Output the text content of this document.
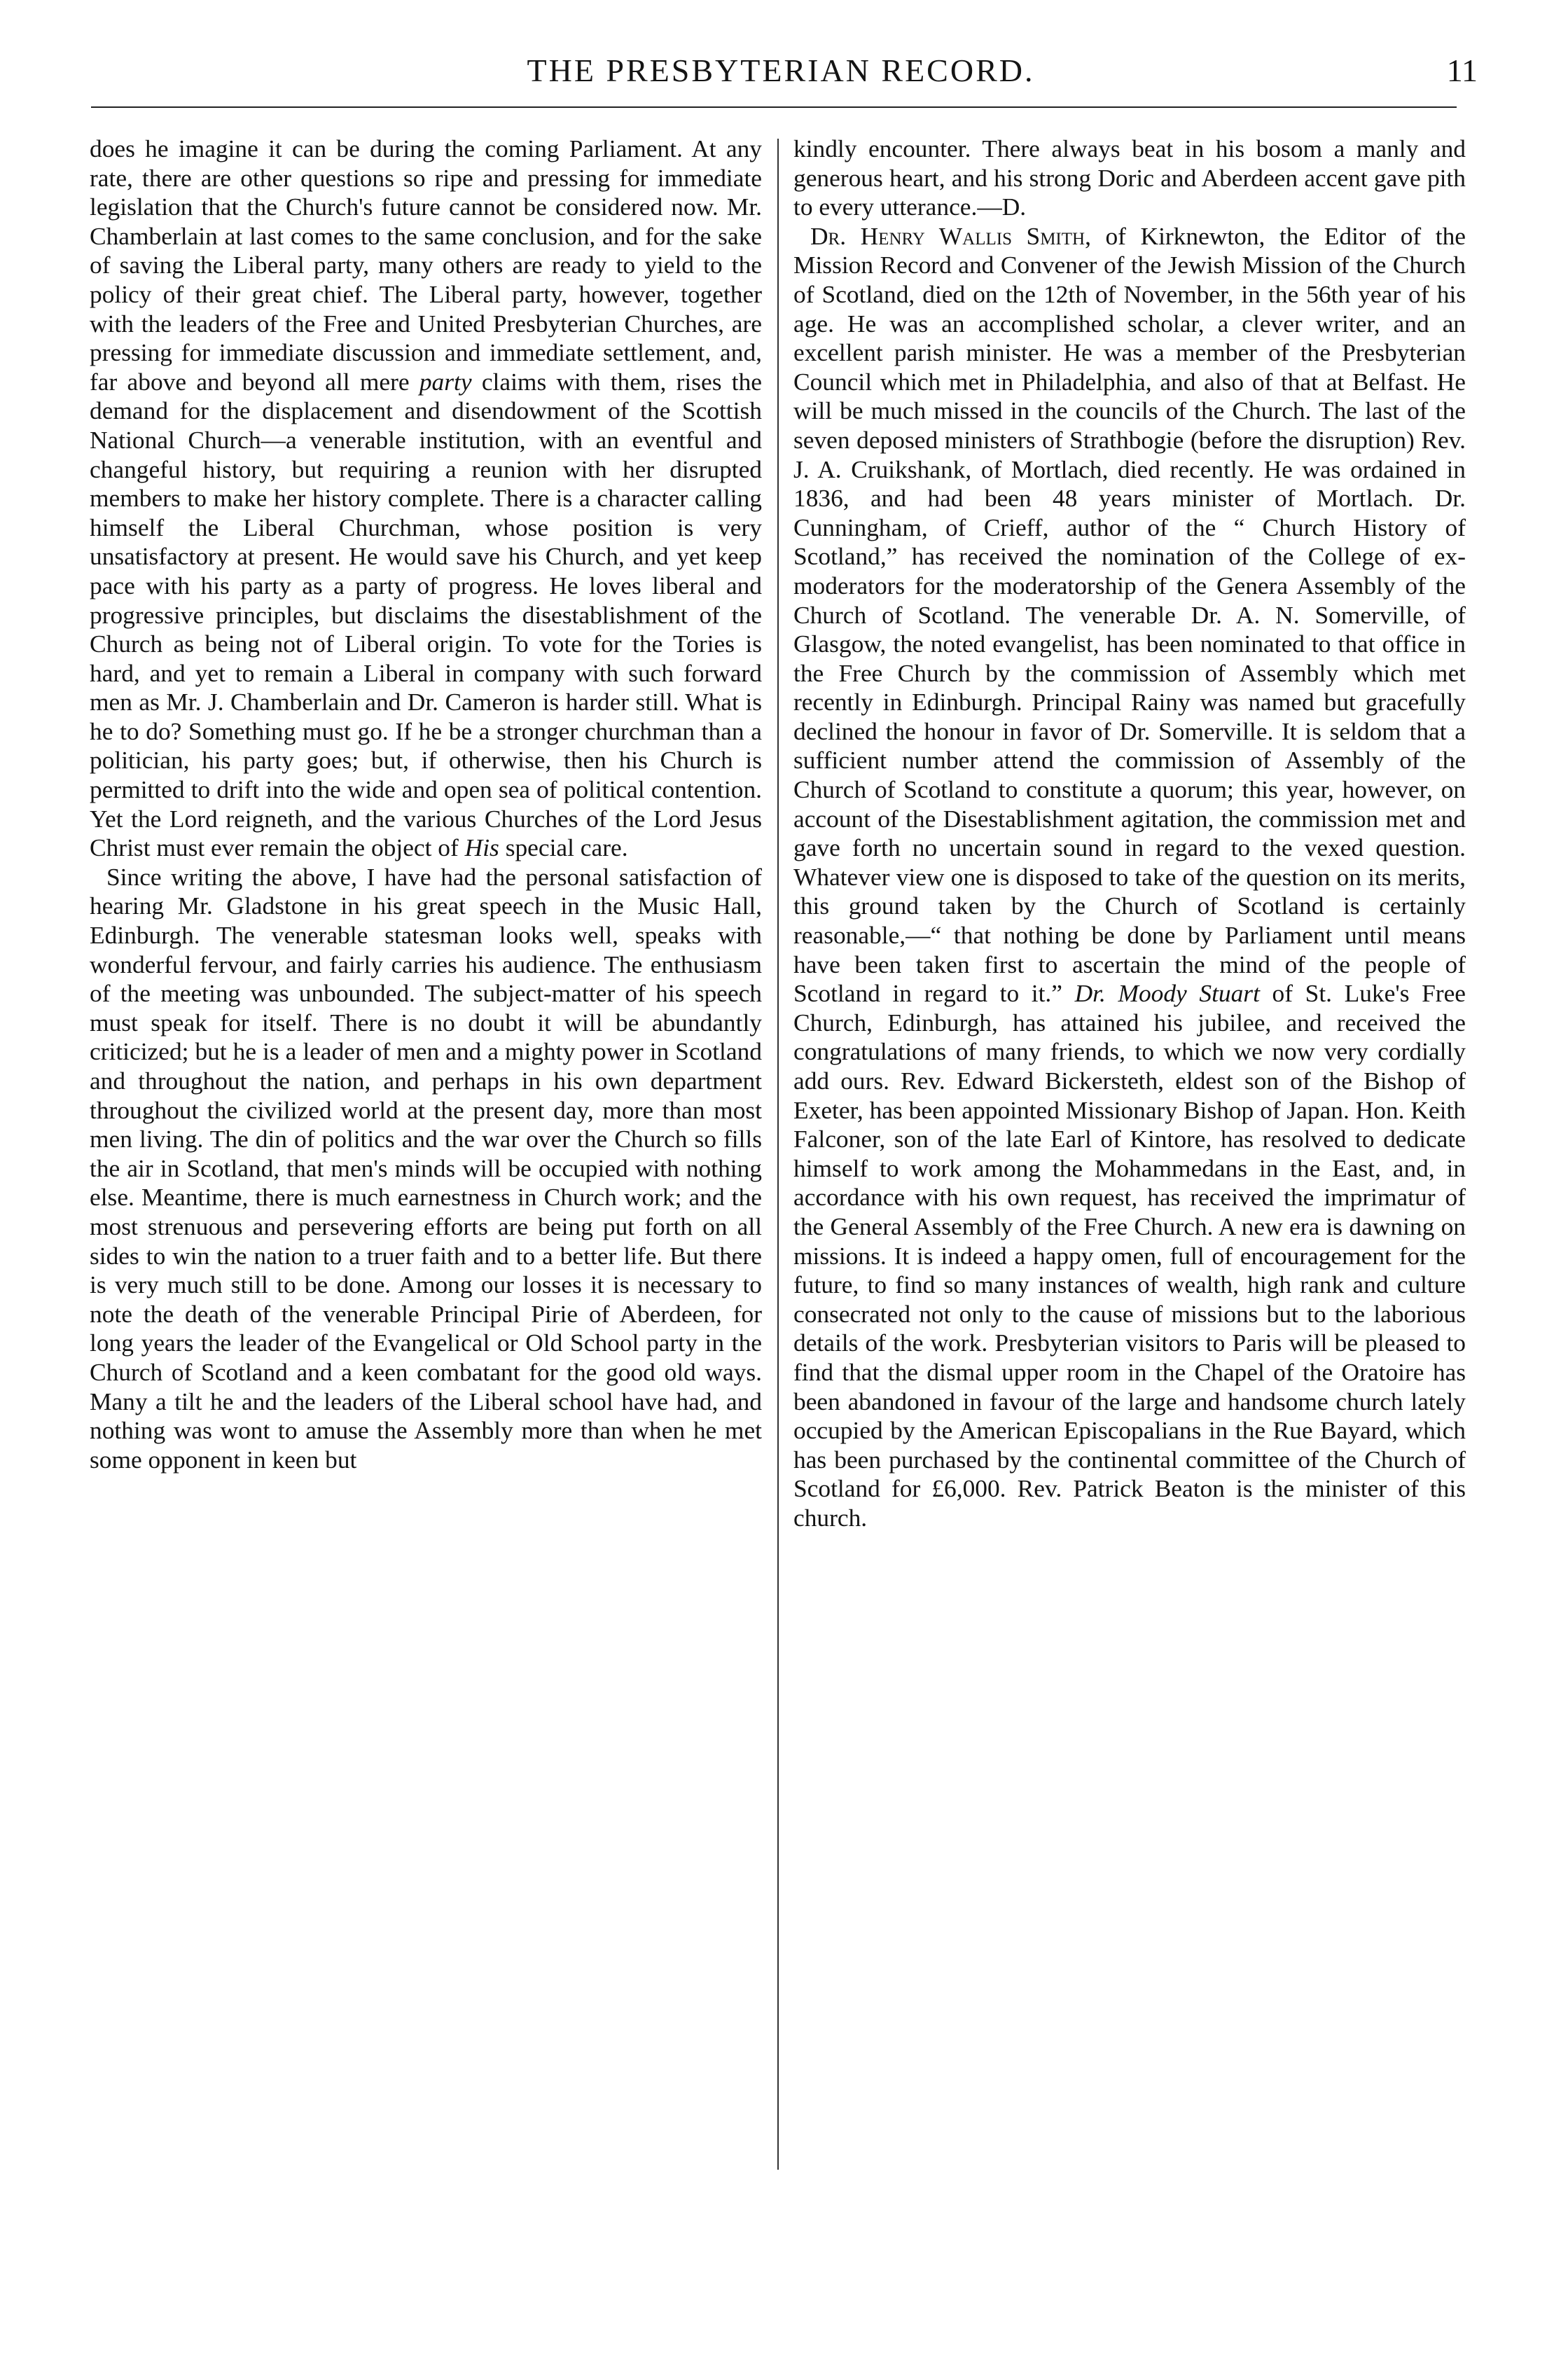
THE PRESBYTERIAN RECORD.	11

does he imagine it can be during the coming Parliament. At any rate, there are other questions so ripe and pressing for immediate legislation that the Church's future cannot be considered now. Mr. Chamberlain at last comes to the same conclusion, and for the sake of saving the Liberal party, many others are ready to yield to the policy of their great chief. The Liberal party, however, together with the leaders of the Free and United Presbyterian Churches, are pressing for immediate discussion and immediate settlement, and, far above and beyond all mere party claims with them, rises the demand for the displacement and disendowment of the Scottish National Church—a venerable institution, with an eventful and changeful history, but requiring a reunion with her disrupted members to make her history complete. There is a character calling himself the Liberal Churchman, whose position is very unsatisfactory at present. He would save his Church, and yet keep pace with his party as a party of progress. He loves liberal and progressive principles, but disclaims the disestablishment of the Church as being not of Liberal origin. To vote for the Tories is hard, and yet to remain a Liberal in company with such forward men as Mr. J. Chamberlain and Dr. Cameron is harder still. What is he to do? Something must go. If he be a stronger churchman than a politician, his party goes; but, if otherwise, then his Church is permitted to drift into the wide and open sea of political contention. Yet the Lord reigneth, and the various Churches of the Lord Jesus Christ must ever remain the object of His special care.

Since writing the above, I have had the personal satisfaction of hearing Mr. Gladstone in his great speech in the Music Hall, Edinburgh. The venerable statesman looks well, speaks with wonderful fervour, and fairly carries his audience. The enthusiasm of the meeting was unbounded. The subject-matter of his speech must speak for itself. There is no doubt it will be abundantly criticized; but he is a leader of men and a mighty power in Scotland and throughout the nation, and perhaps in his own department throughout the civilized world at the present day, more than most men living. The din of politics and the war over the Church so fills the air in Scotland, that men's minds will be occupied with nothing else. Meantime, there is much earnestness in Church work; and the most strenuous and persevering efforts are being put forth on all sides to win the nation to a truer faith and to a better life. But there is very much still to be done. Among our losses it is necessary to note the death of the venerable Principal Pirie of Aberdeen, for long years the leader of the Evangelical or Old School party in the Church of Scotland and a keen combatant for the good old ways. Many a tilt he and the leaders of the Liberal school have had, and nothing was wont to amuse the Assembly more than when he met some opponent in keen but

kindly encounter. There always beat in his bosom a manly and generous heart, and his strong Doric and Aberdeen accent gave pith to every utterance.—D.

Dr. Henry Wallis Smith, of Kirknewton, the Editor of the Mission Record and Convener of the Jewish Mission of the Church of Scotland, died on the 12th of November, in the 56th year of his age. He was an accomplished scholar, a clever writer, and an excellent parish minister. He was a member of the Presbyterian Council which met in Philadelphia, and also of that at Belfast. He will be much missed in the councils of the Church. The last of the seven deposed ministers of Strathbogie (before the disruption) Rev. J. A. Cruikshank, of Mortlach, died recently. He was ordained in 1836, and had been 48 years minister of Mortlach. Dr. Cunningham, of Crieff, author of the “ Church History of Scotland,” has received the nomination of the College of ex-moderators for the moderatorship of the Genera Assembly of the Church of Scotland. The venerable Dr. A. N. Somerville, of Glasgow, the noted evangelist, has been nominated to that office in the Free Church by the commission of Assembly which met recently in Edinburgh. Principal Rainy was named but gracefully declined the honour in favor of Dr. Somerville. It is seldom that a sufficient number attend the commission of Assembly of the Church of Scotland to constitute a quorum; this year, however, on account of the Disestablishment agitation, the commission met and gave forth no uncertain sound in regard to the vexed question. Whatever view one is disposed to take of the question on its merits, this ground taken by the Church of Scotland is certainly reasonable,—“ that nothing be done by Parliament until means have been taken first to ascertain the mind of the people of Scotland in regard to it.” Dr. Moody Stuart of St. Luke's Free Church, Edinburgh, has attained his jubilee, and received the congratulations of many friends, to which we now very cordially add ours. Rev. Edward Bickersteth, eldest son of the Bishop of Exeter, has been appointed Missionary Bishop of Japan. Hon. Keith Falconer, son of the late Earl of Kintore, has resolved to dedicate himself to work among the Mohammedans in the East, and, in accordance with his own request, has received the imprimatur of the General Assembly of the Free Church. A new era is dawning on missions. It is indeed a happy omen, full of encouragement for the future, to find so many instances of wealth, high rank and culture consecrated not only to the cause of missions but to the laborious details of the work. Presbyterian visitors to Paris will be pleased to find that the dismal upper room in the Chapel of the Oratoire has been abandoned in favour of the large and handsome church lately occupied by the American Episcopalians in the Rue Bayard, which has been purchased by the continental committee of the Church of Scotland for £6,000. Rev. Patrick Beaton is the minister of this church.
